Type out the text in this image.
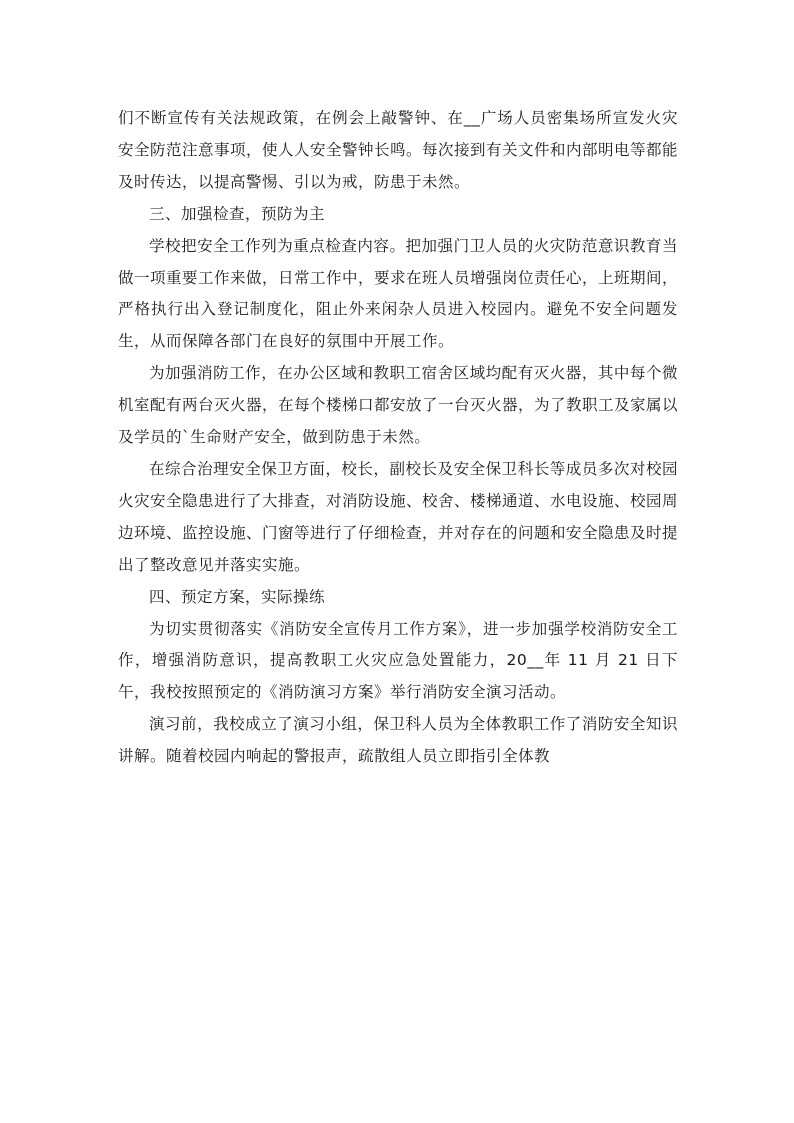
们不断宣传有关法规政策，在例会上敲警钟、在__广场人员密集场所宣发火灾安全防范注意事项，使人人安全警钟长鸣。每次接到有关文件和内部明电等都能及时传达，以提高警惕、引以为戒，防患于未然。

三、加强检查，预防为主

学校把安全工作列为重点检查内容。把加强门卫人员的火灾防范意识教育当做一项重要工作来做，日常工作中，要求在班人员增强岗位责任心，上班期间，严格执行出入登记制度化，阻止外来闲杂人员进入校园内。避免不安全问题发生，从而保障各部门在良好的氛围中开展工作。

为加强消防工作，在办公区域和教职工宿舍区域均配有灭火器，其中每个微机室配有两台灭火器，在每个楼梯口都安放了一台灭火器，为了教职工及家属以及学员的`生命财产安全，做到防患于未然。

在综合治理安全保卫方面，校长，副校长及安全保卫科长等成员多次对校园火灾安全隐患进行了大排查，对消防设施、校舍、楼梯通道、水电设施、校园周边环境、监控设施、门窗等进行了仔细检查，并对存在的问题和安全隐患及时提出了整改意见并落实实施。

四、预定方案，实际操练

为切实贯彻落实《消防安全宣传月工作方案》，进一步加强学校消防安全工作，增强消防意识，提高教职工火灾应急处置能力，20__年 11 月 21 日下午，我校按照预定的《消防演习方案》举行消防安全演习活动。

演习前，我校成立了演习小组，保卫科人员为全体教职工作了消防安全知识讲解。随着校园内响起的警报声，疏散组人员立即指引全体教
